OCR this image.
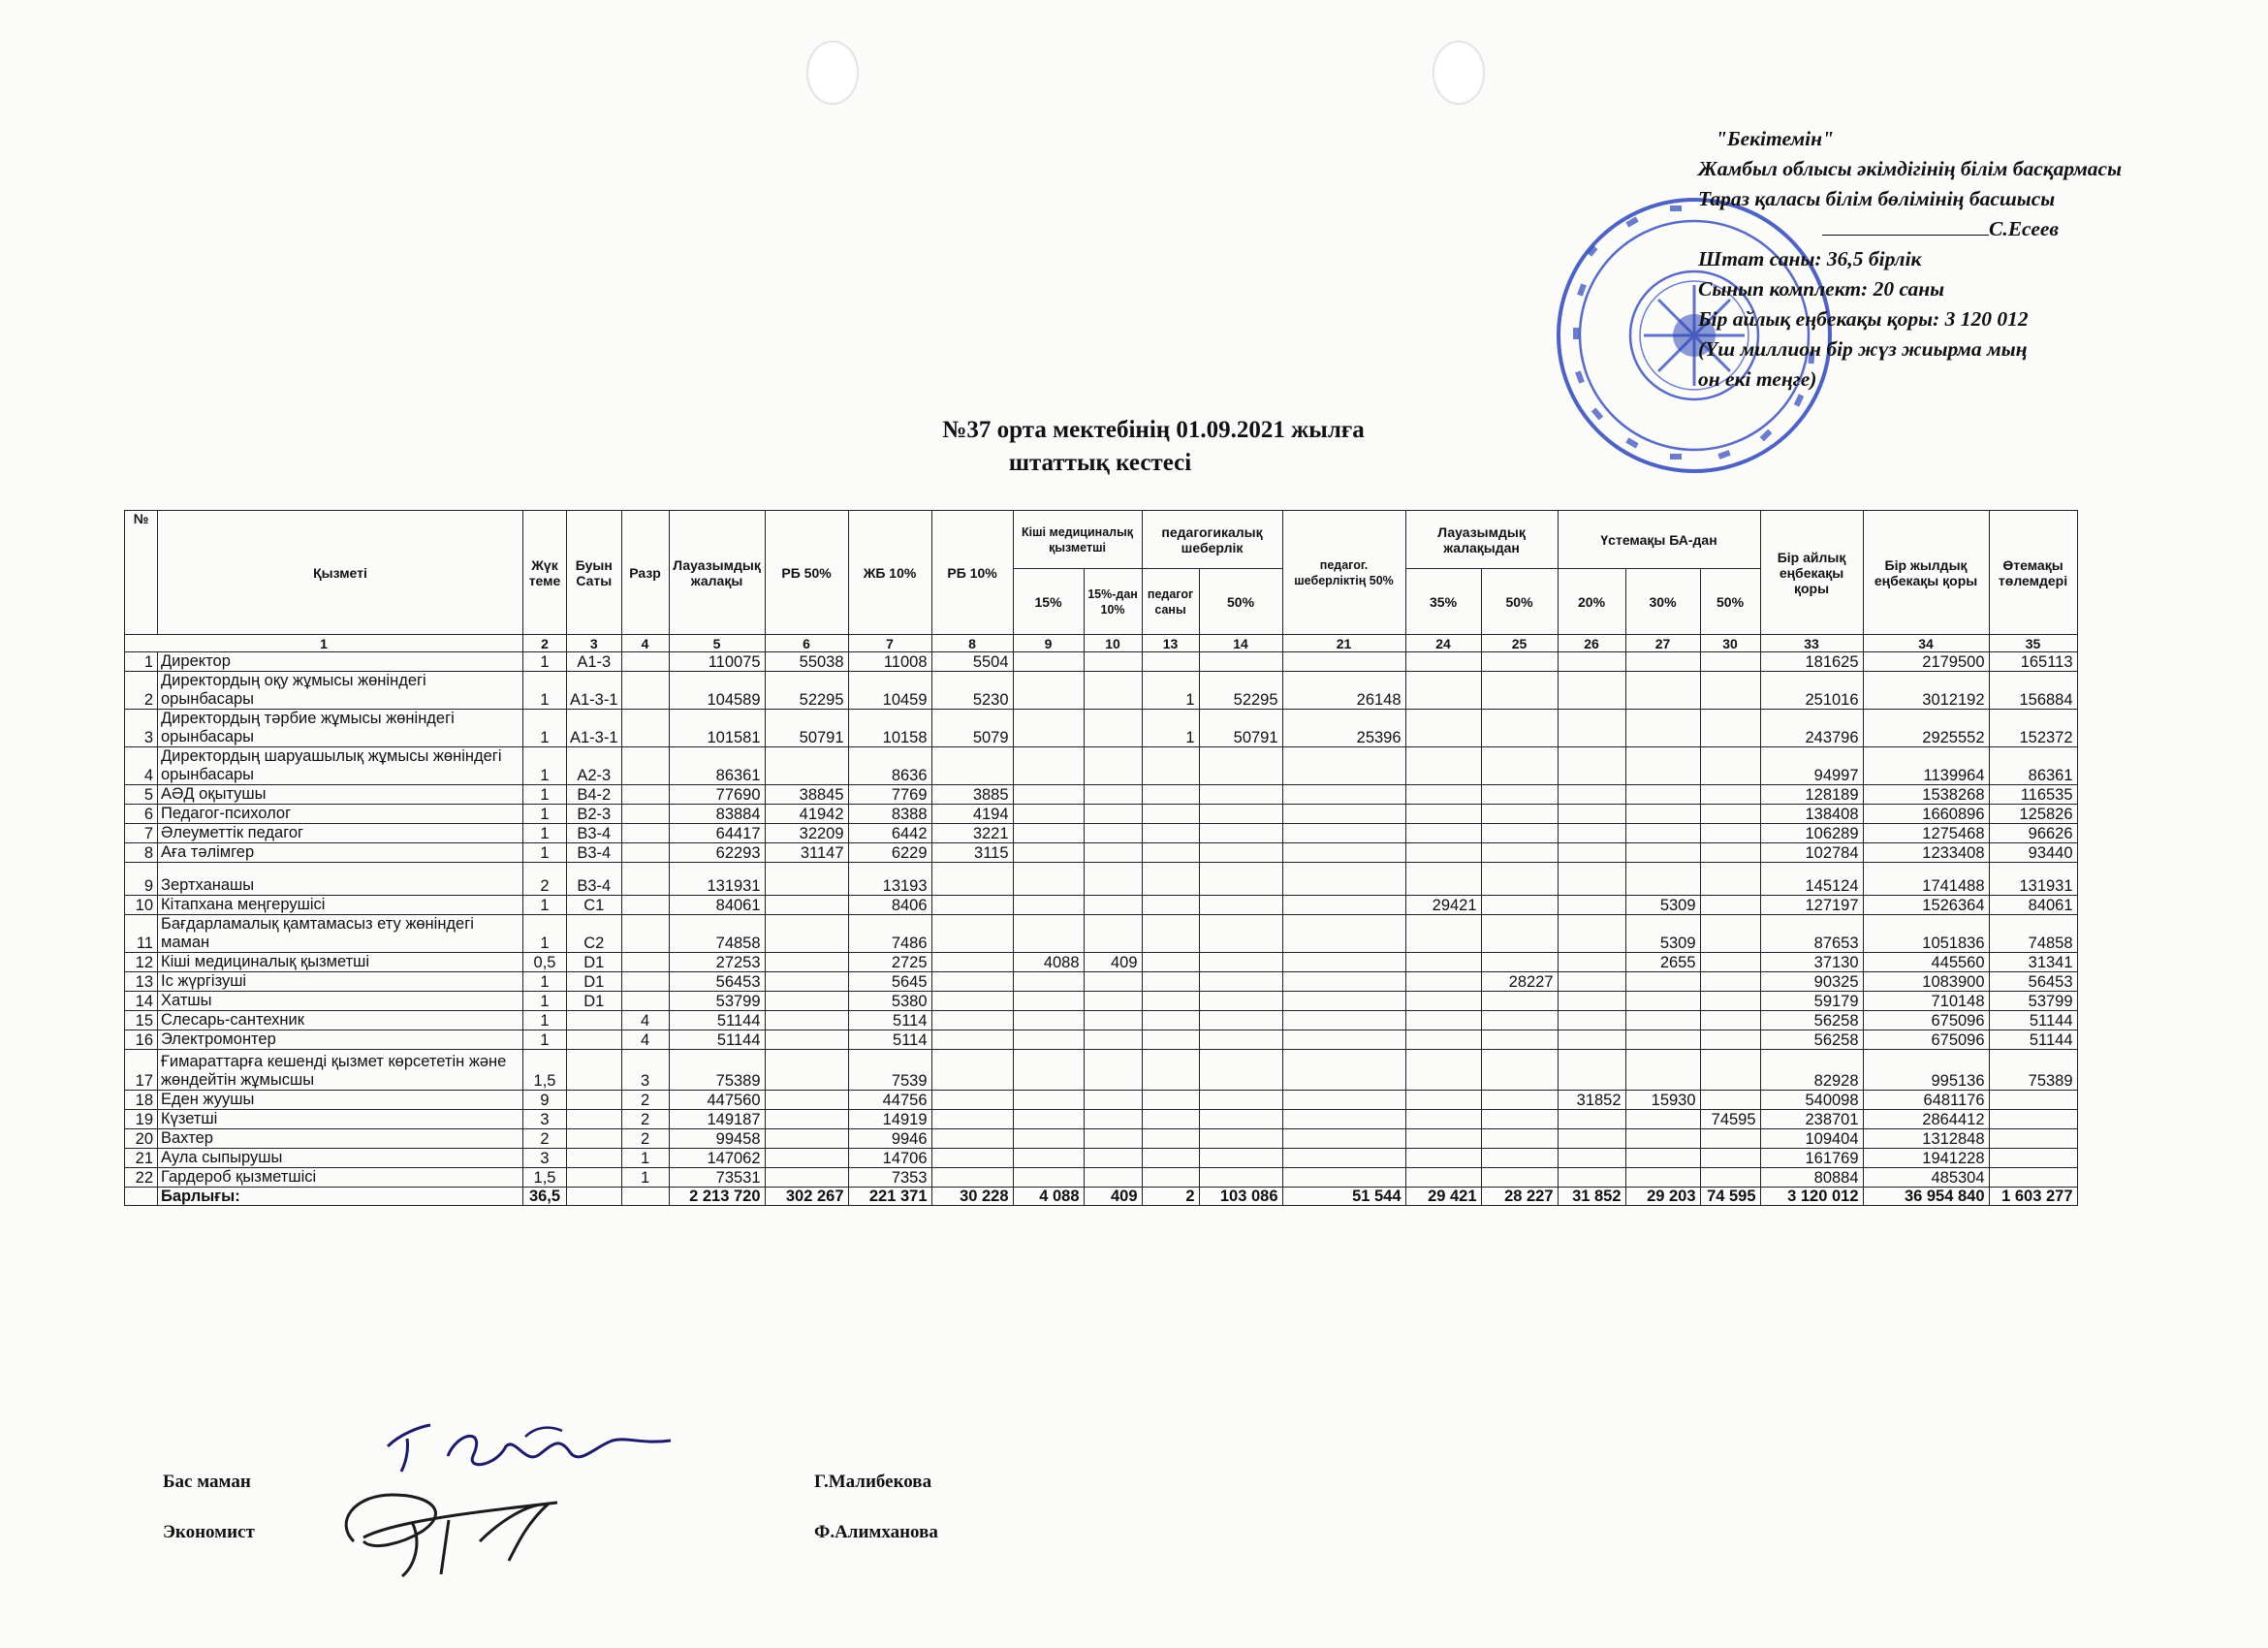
"Бекітемін"
Жамбыл облысы әкімдігінің білім басқармасы
Тараз қаласы білім бөлімінің басшысы
С.Есеев
Штат саны: 36,5 бірлік
Сынып комплект: 20 саны
Бір айлық еңбекақы қоры: 3 120 012
(Үш миллион бір жүз жиырма мың
он екі теңге)
№37 орта мектебінің 01.09.2021 жылға
штаттық кестесі
№	Қызметі	Жүк теме	Буын Саты	Разр	Лауазымдық жалақы	РБ 50%	ЖБ 10%	РБ 10%	Кіші медициналық қызметші		педагогикалық шеберлік		педагог. шеберліктің 50%	Лауазымдық жалақыдан		Үстемақы БА-дан			Бір айлық еңбекақы қоры	Бір жылдық еңбекақы қоры	Өтемақы төлемдері
									15%	15%-дан 10%	педагог саны	50%		35%	50%	20%	30%	50%			
1		2	3	4	5	6	7	8	9	10	13	14	21	24	25	26	27	30	33	34	35
1	Директор	1	А1-3		110075	55038	11008	5504											181625	2179500	165113
2	Директордың оқу жұмысы жөніндегі орынбасары	1	А1-3-1		104589	52295	10459	5230			1	52295	26148						251016	3012192	156884
3	Директордың тәрбие жұмысы жөніндегі орынбасары	1	А1-3-1		101581	50791	10158	5079			1	50791	25396						243796	2925552	152372
4	Директордың шаруашылық жұмысы жөніндегі орынбасары	1	А2-3		86361		8636												94997	1139964	86361
5	АӘД оқытушы	1	В4-2		77690	38845	7769	3885											128189	1538268	116535
6	Педагог-психолог	1	В2-3		83884	41942	8388	4194											138408	1660896	125826
7	Әлеуметтік педагог	1	В3-4		64417	32209	6442	3221											106289	1275468	96626
8	Аға тәлімгер	1	В3-4		62293	31147	6229	3115											102784	1233408	93440
9	Зертханашы	2	В3-4		131931		13193												145124	1741488	131931
10	Кітапхана меңгерушісі	1	С1		84061		8406							29421			5309		127197	1526364	84061
11	Бағдарламалық қамтамасыз ету жөніндегі маман	1	С2		74858		7486										5309		87653	1051836	74858
12	Кіші медициналық қызметші	0,5	D1		27253		2725		4088	409							2655		37130	445560	31341
13	Іс жүргізуші	1	D1		56453		5645								28227				90325	1083900	56453
14	Хатшы	1	D1		53799		5380												59179	710148	53799
15	Слесарь-сантехник	1		4	51144		5114												56258	675096	51144
16	Электромонтер	1		4	51144		5114												56258	675096	51144
17	Ғимараттарға кешенді қызмет көрсететін және жөндейтін жұмысшы	1,5		3	75389		7539												82928	995136	75389
18	Еден жуушы	9		2	447560		44756									31852	15930		540098	6481176	
19	Күзетші	3		2	149187		14919											74595	238701	2864412	
20	Вахтер	2		2	99458		9946												109404	1312848	
21	Аула сыпырушы	3		1	147062		14706												161769	1941228	
22	Гардероб қызметшісі	1,5		1	73531		7353												80884	485304	
	Барлығы:	36,5			2 213 720	302 267	221 371	30 228	4 088	409	2	103 086	51 544	29 421	28 227	31 852	29 203	74 595	3 120 012	36 954 840	1 603 277
Бас маман	Г.Малибекова
Экономист	Ф.Алимханова
